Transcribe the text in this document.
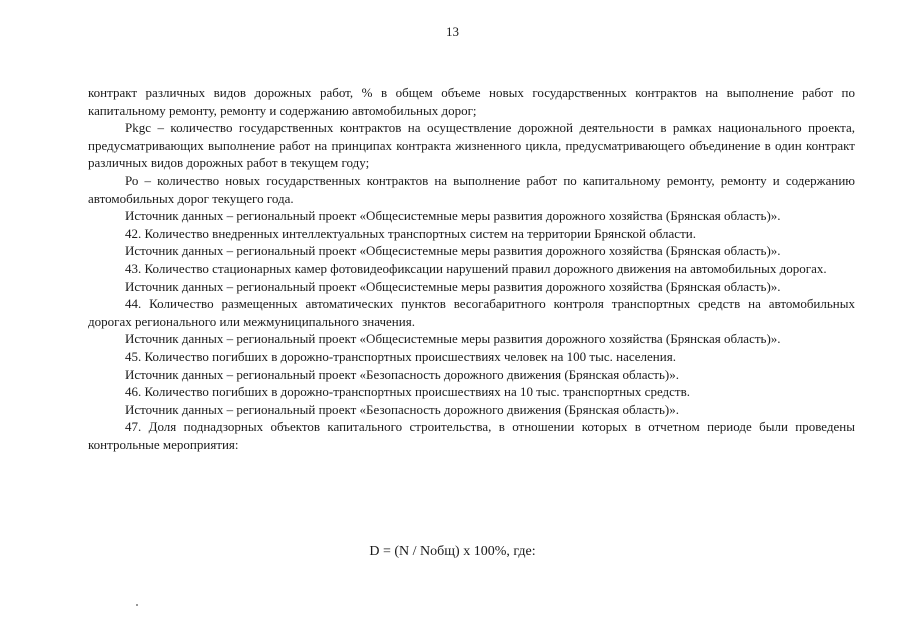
13

контракт различных видов дорожных работ, % в общем объеме новых государственных контрактов на выполнение работ по капитальному ремонту, ремонту и содержанию автомобильных дорог;

Pkgc – количество государственных контрактов на осуществление дорожной деятельности в рамках национального проекта, предусматривающих выполнение работ на принципах контракта жизненного цикла, предусматривающего объединение в один контракт различных видов дорожных работ в текущем году;

Ро – количество новых государственных контрактов на выполнение работ по капитальному ремонту, ремонту и содержанию автомобильных дорог текущего года.

Источник данных – региональный проект «Общесистемные меры развития дорожного хозяйства (Брянская область)».

42. Количество внедренных интеллектуальных транспортных систем на территории Брянской области.

Источник данных – региональный проект «Общесистемные меры развития дорожного хозяйства (Брянская область)».

43. Количество стационарных камер фотовидеофиксации нарушений правил дорожного движения на автомобильных дорогах.

Источник данных – региональный проект «Общесистемные меры развития дорожного хозяйства (Брянская область)».

44. Количество размещенных автоматических пунктов весогабаритного контроля транспортных средств на автомобильных дорогах регионального или межмуниципального значения.

Источник данных – региональный проект «Общесистемные меры развития дорожного хозяйства (Брянская область)».

45. Количество погибших в дорожно-транспортных происшествиях человек на 100 тыс. населения.

Источник данных – региональный проект «Безопасность дорожного движения (Брянская область)».

46. Количество погибших в дорожно-транспортных происшествиях на 10 тыс. транспортных средств.

Источник данных – региональный проект «Безопасность дорожного движения (Брянская область)».

47. Доля поднадзорных объектов капитального строительства, в отношении которых в отчетном периоде были проведены контрольные мероприятия:

D = (N / Nобщ) х 100%, где:
